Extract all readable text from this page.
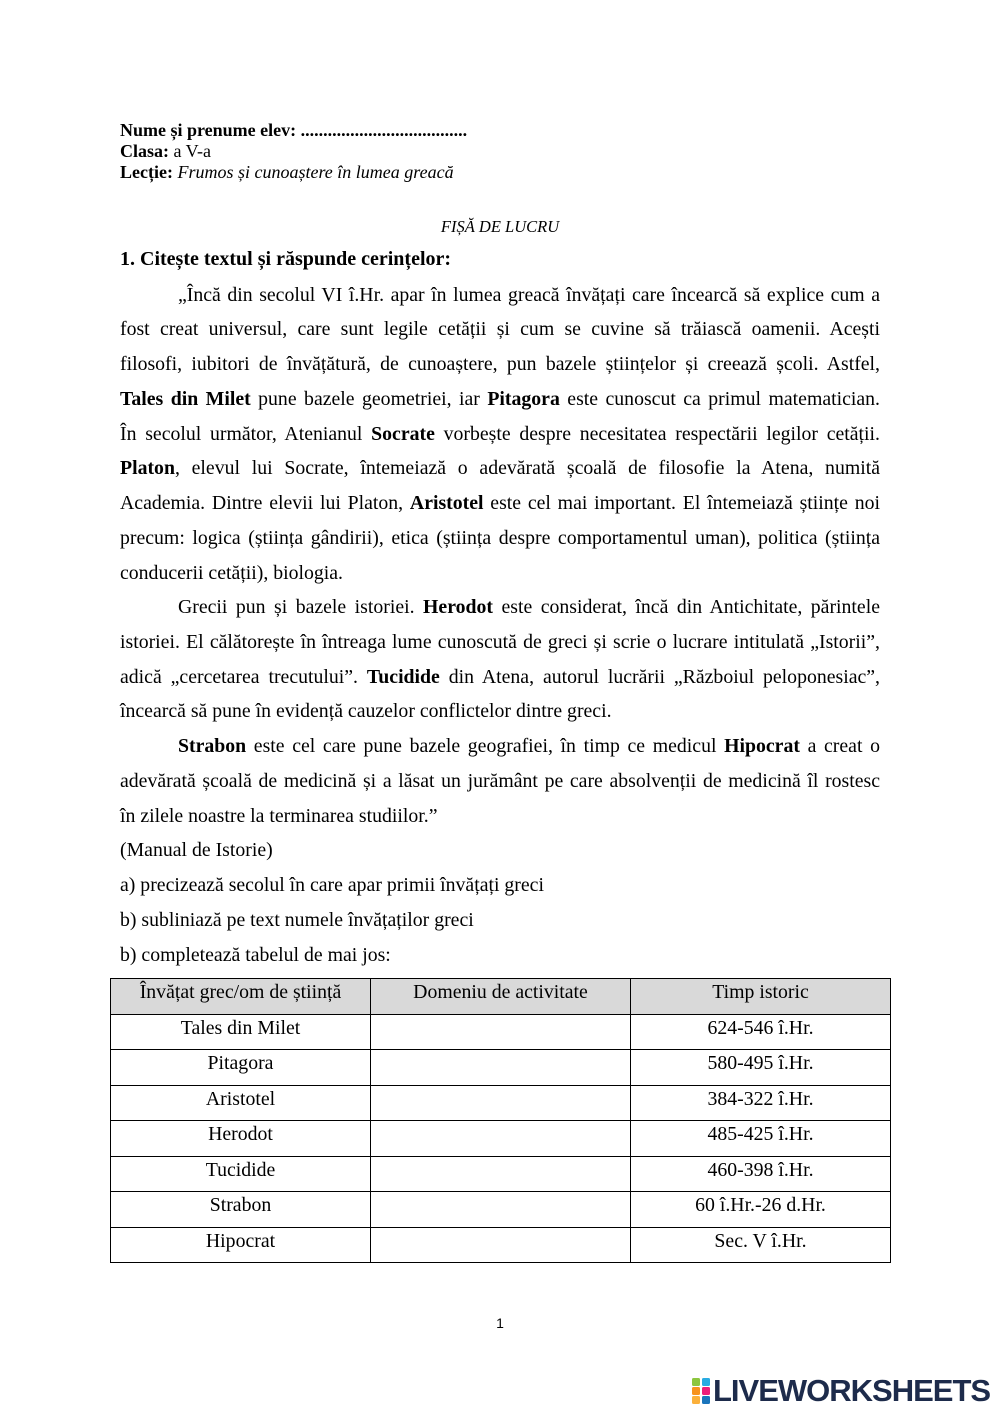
Nume și prenume elev: .....................................
Clasa: a V-a
Lecție: Frumos și cunoaștere în lumea greacă
FIȘĂ DE LUCRU
1. Citește textul și răspunde cerințelor:
„Încă din secolul VI î.Hr. apar în lumea greacă învățați care încearcă să explice cum a
fost creat universul, care sunt legile cetății și cum se cuvine să trăiască oamenii. Acești
filosofi, iubitori de învățătură, de cunoaștere, pun bazele științelor și creează școli. Astfel,
Tales din Milet pune bazele geometriei, iar Pitagora este cunoscut ca primul matematician.
În secolul următor, Atenianul Socrate vorbește despre necesitatea respectării legilor cetății.
Platon, elevul lui Socrate, întemeiază o adevărată școală de filosofie la Atena, numită
Academia. Dintre elevii lui Platon, Aristotel este cel mai important. El întemeiază științe noi
precum: logica (știința gândirii), etica (știința despre comportamentul uman), politica (știința
conducerii cetății), biologia.
Grecii pun și bazele istoriei. Herodot este considerat, încă din Antichitate, părintele
istoriei. El călătorește în întreaga lume cunoscută de greci și scrie o lucrare intitulată „Istorii”,
adică „cercetarea trecutului”. Tucidide din Atena, autorul lucrării „Războiul peloponesiac”,
încearcă să pune în evidență cauzelor conflictelor dintre greci.
Strabon este cel care pune bazele geografiei, în timp ce medicul Hipocrat a creat o
adevărată școală de medicină și a lăsat un jurământ pe care absolvenții de medicină îl rostesc
în zilele noastre la terminarea studiilor.”
(Manual de Istorie)
a) precizează secolul în care apar primii învățați greci
b) subliniază pe text numele învățaților greci
b) completează tabelul de mai jos:
Învățat grec/om de știință	Domeniu de activitate	Timp istoric
Tales din Milet		624-546 î.Hr.
Pitagora		580-495 î.Hr.
Aristotel		384-322 î.Hr.
Herodot		485-425 î.Hr.
Tucidide		460-398 î.Hr.
Strabon		60 î.Hr.-26 d.Hr.
Hipocrat		Sec. V î.Hr.
1
LIVEWORKSHEETS
